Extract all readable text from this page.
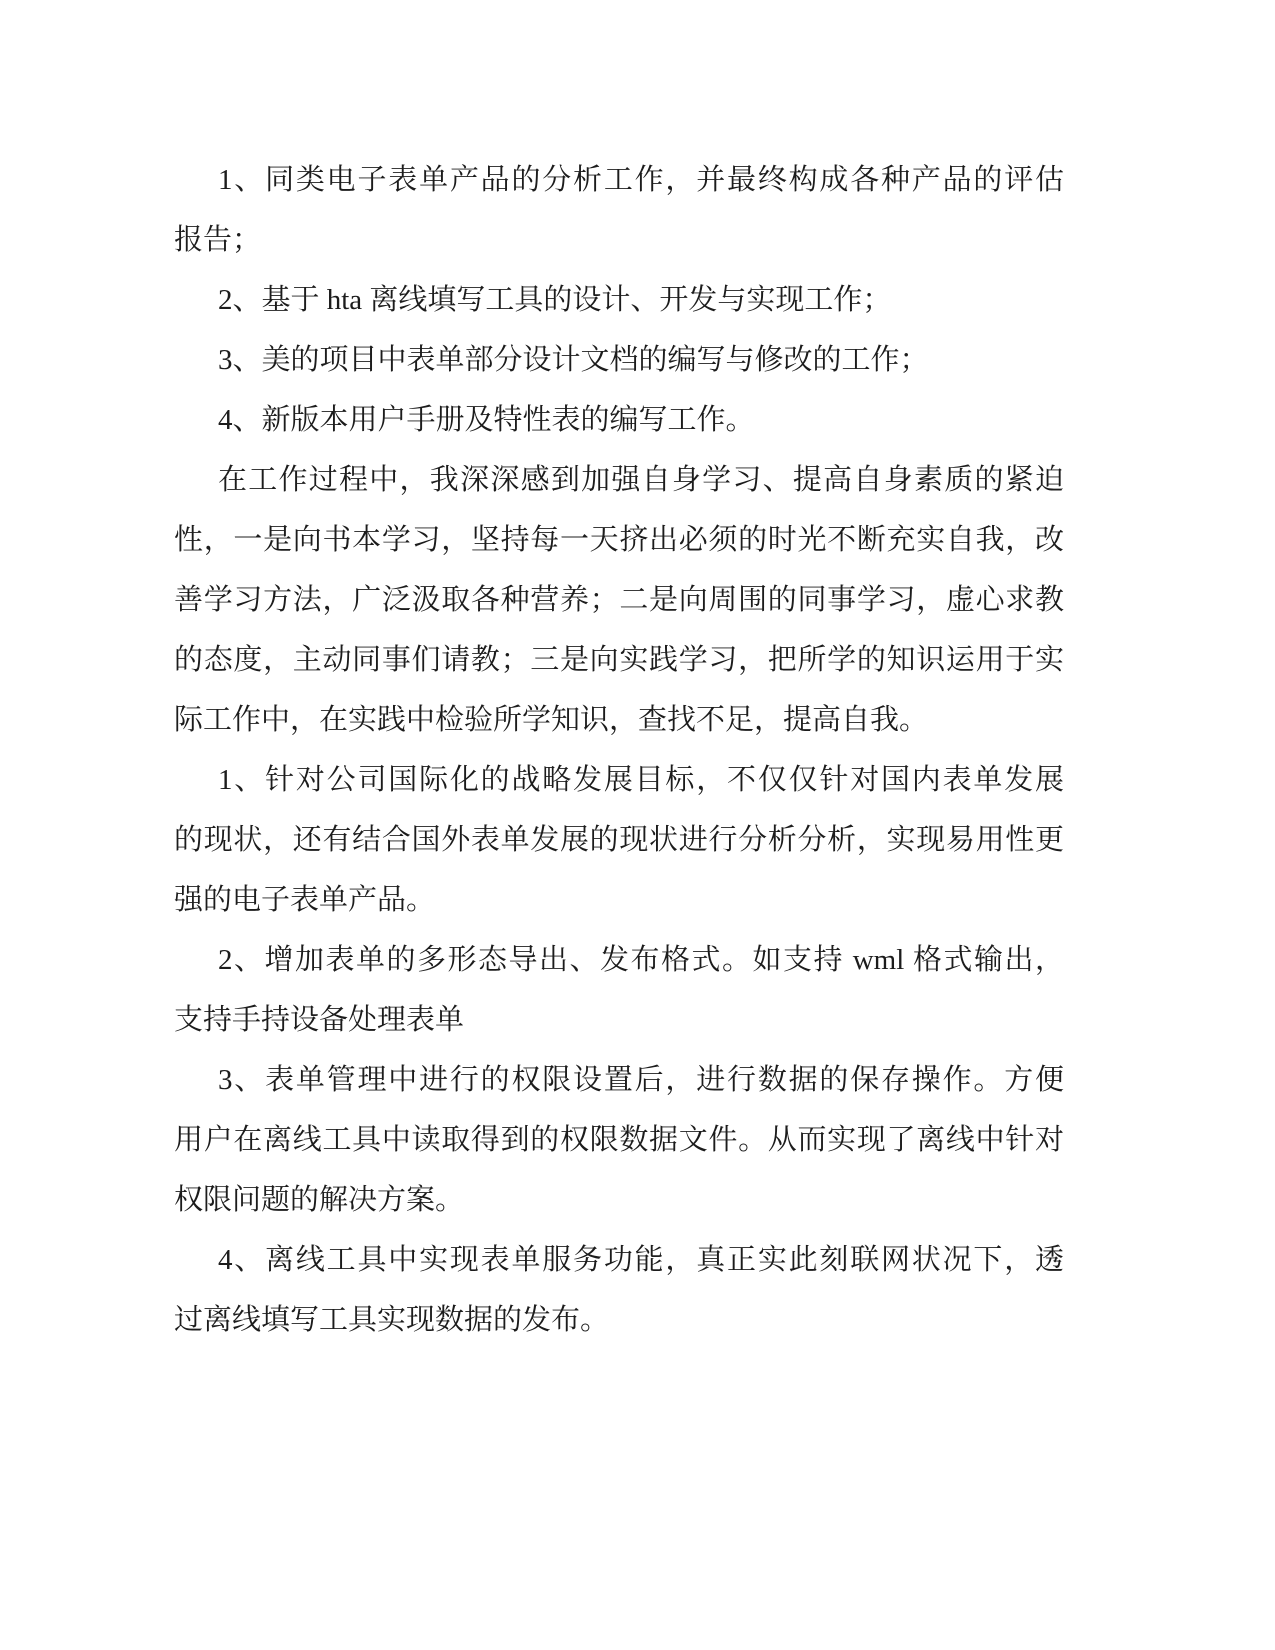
1、同类电子表单产品的分析工作，并最终构成各种产品的评估
报告；
2、基于 hta 离线填写工具的设计、开发与实现工作；
3、美的项目中表单部分设计文档的编写与修改的工作；
4、新版本用户手册及特性表的编写工作。
在工作过程中，我深深感到加强自身学习、提高自身素质的紧迫
性，一是向书本学习，坚持每一天挤出必须的时光不断充实自我，改
善学习方法，广泛汲取各种营养；二是向周围的同事学习，虚心求教
的态度，主动同事们请教；三是向实践学习，把所学的知识运用于实
际工作中，在实践中检验所学知识，查找不足，提高自我。
1、针对公司国际化的战略发展目标，不仅仅针对国内表单发展
的现状，还有结合国外表单发展的现状进行分析分析，实现易用性更
强的电子表单产品。
2、增加表单的多形态导出、发布格式。如支持 wml 格式输出，
支持手持设备处理表单
3、表单管理中进行的权限设置后，进行数据的保存操作。方便
用户在离线工具中读取得到的权限数据文件。从而实现了离线中针对
权限问题的解决方案。
4、离线工具中实现表单服务功能，真正实此刻联网状况下，透
过离线填写工具实现数据的发布。
